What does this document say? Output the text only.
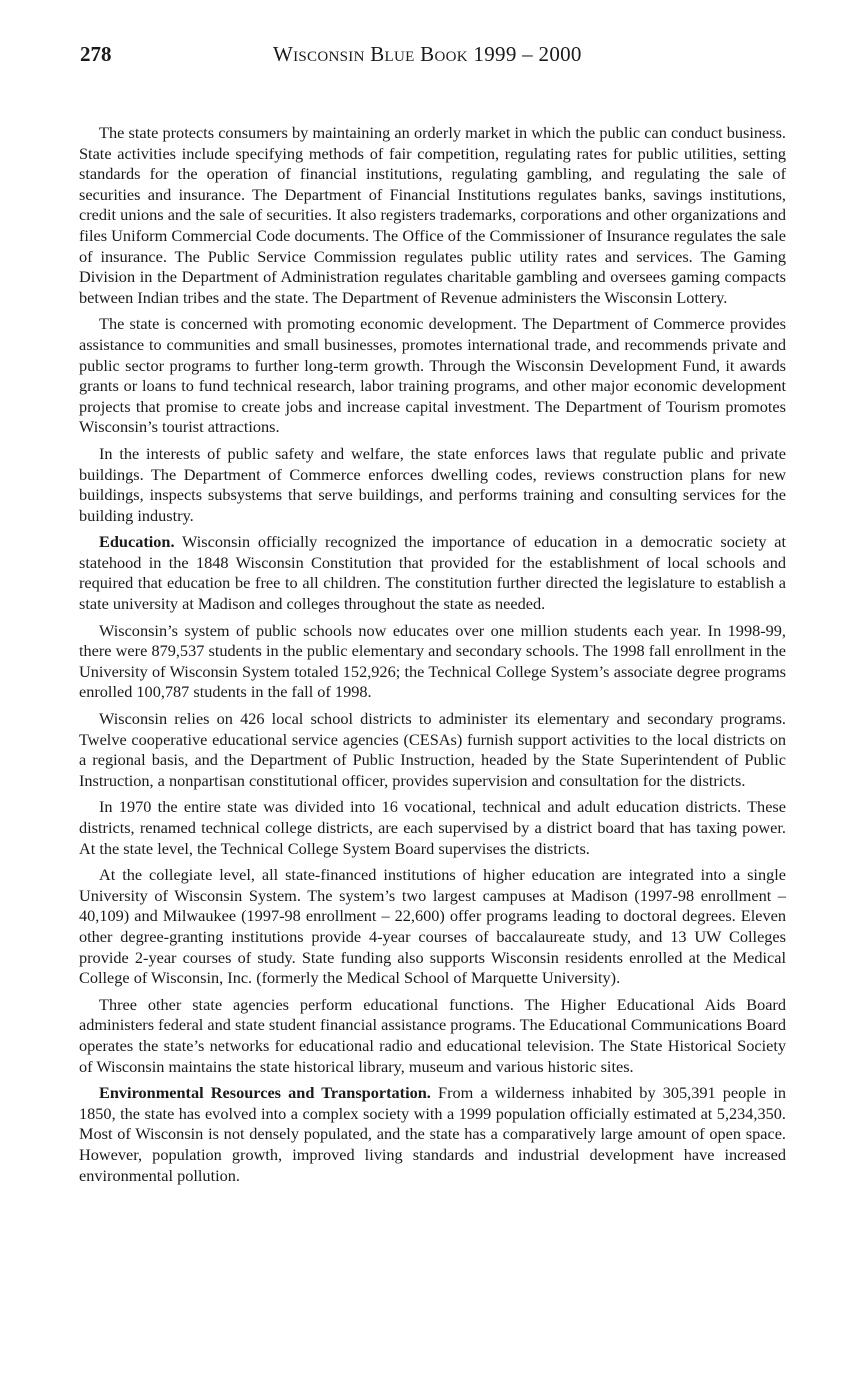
278	Wisconsin Blue Book 1999 – 2000

The state protects consumers by maintaining an orderly market in which the public can conduct business. State activities include specifying methods of fair competition, regulating rates for public utilities, setting standards for the operation of financial institutions, regulating gambling, and regulating the sale of securities and insurance. The Department of Financial Institutions regulates banks, savings institutions, credit unions and the sale of securities. It also registers trademarks, corporations and other organizations and files Uniform Commercial Code documents. The Office of the Commissioner of Insurance regulates the sale of insurance. The Public Service Commission regulates public utility rates and services. The Gaming Division in the Department of Administration regulates charitable gambling and oversees gaming compacts between Indian tribes and the state. The Department of Revenue administers the Wisconsin Lottery.

The state is concerned with promoting economic development. The Department of Commerce provides assistance to communities and small businesses, promotes international trade, and recommends private and public sector programs to further long-term growth. Through the Wisconsin Development Fund, it awards grants or loans to fund technical research, labor training programs, and other major economic development projects that promise to create jobs and increase capital investment. The Department of Tourism promotes Wisconsin’s tourist attractions.

In the interests of public safety and welfare, the state enforces laws that regulate public and private buildings. The Department of Commerce enforces dwelling codes, reviews construction plans for new buildings, inspects subsystems that serve buildings, and performs training and consulting services for the building industry.

Education. Wisconsin officially recognized the importance of education in a democratic society at statehood in the 1848 Wisconsin Constitution that provided for the establishment of local schools and required that education be free to all children. The constitution further directed the legislature to establish a state university at Madison and colleges throughout the state as needed.

Wisconsin’s system of public schools now educates over one million students each year. In 1998-99, there were 879,537 students in the public elementary and secondary schools. The 1998 fall enrollment in the University of Wisconsin System totaled 152,926; the Technical College System’s associate degree programs enrolled 100,787 students in the fall of 1998.

Wisconsin relies on 426 local school districts to administer its elementary and secondary programs. Twelve cooperative educational service agencies (CESAs) furnish support activities to the local districts on a regional basis, and the Department of Public Instruction, headed by the State Superintendent of Public Instruction, a nonpartisan constitutional officer, provides supervision and consultation for the districts.

In 1970 the entire state was divided into 16 vocational, technical and adult education districts. These districts, renamed technical college districts, are each supervised by a district board that has taxing power. At the state level, the Technical College System Board supervises the districts.

At the collegiate level, all state-financed institutions of higher education are integrated into a single University of Wisconsin System. The system’s two largest campuses at Madison (1997-98 enrollment – 40,109) and Milwaukee (1997-98 enrollment – 22,600) offer programs leading to doctoral degrees. Eleven other degree-granting institutions provide 4-year courses of baccalaureate study, and 13 UW Colleges provide 2-year courses of study. State funding also supports Wisconsin residents enrolled at the Medical College of Wisconsin, Inc. (formerly the Medical School of Marquette University).

Three other state agencies perform educational functions. The Higher Educational Aids Board administers federal and state student financial assistance programs. The Educational Communications Board operates the state’s networks for educational radio and educational television. The State Historical Society of Wisconsin maintains the state historical library, museum and various historic sites.

Environmental Resources and Transportation. From a wilderness inhabited by 305,391 people in 1850, the state has evolved into a complex society with a 1999 population officially estimated at 5,234,350. Most of Wisconsin is not densely populated, and the state has a comparatively large amount of open space. However, population growth, improved living standards and industrial development have increased environmental pollution.
